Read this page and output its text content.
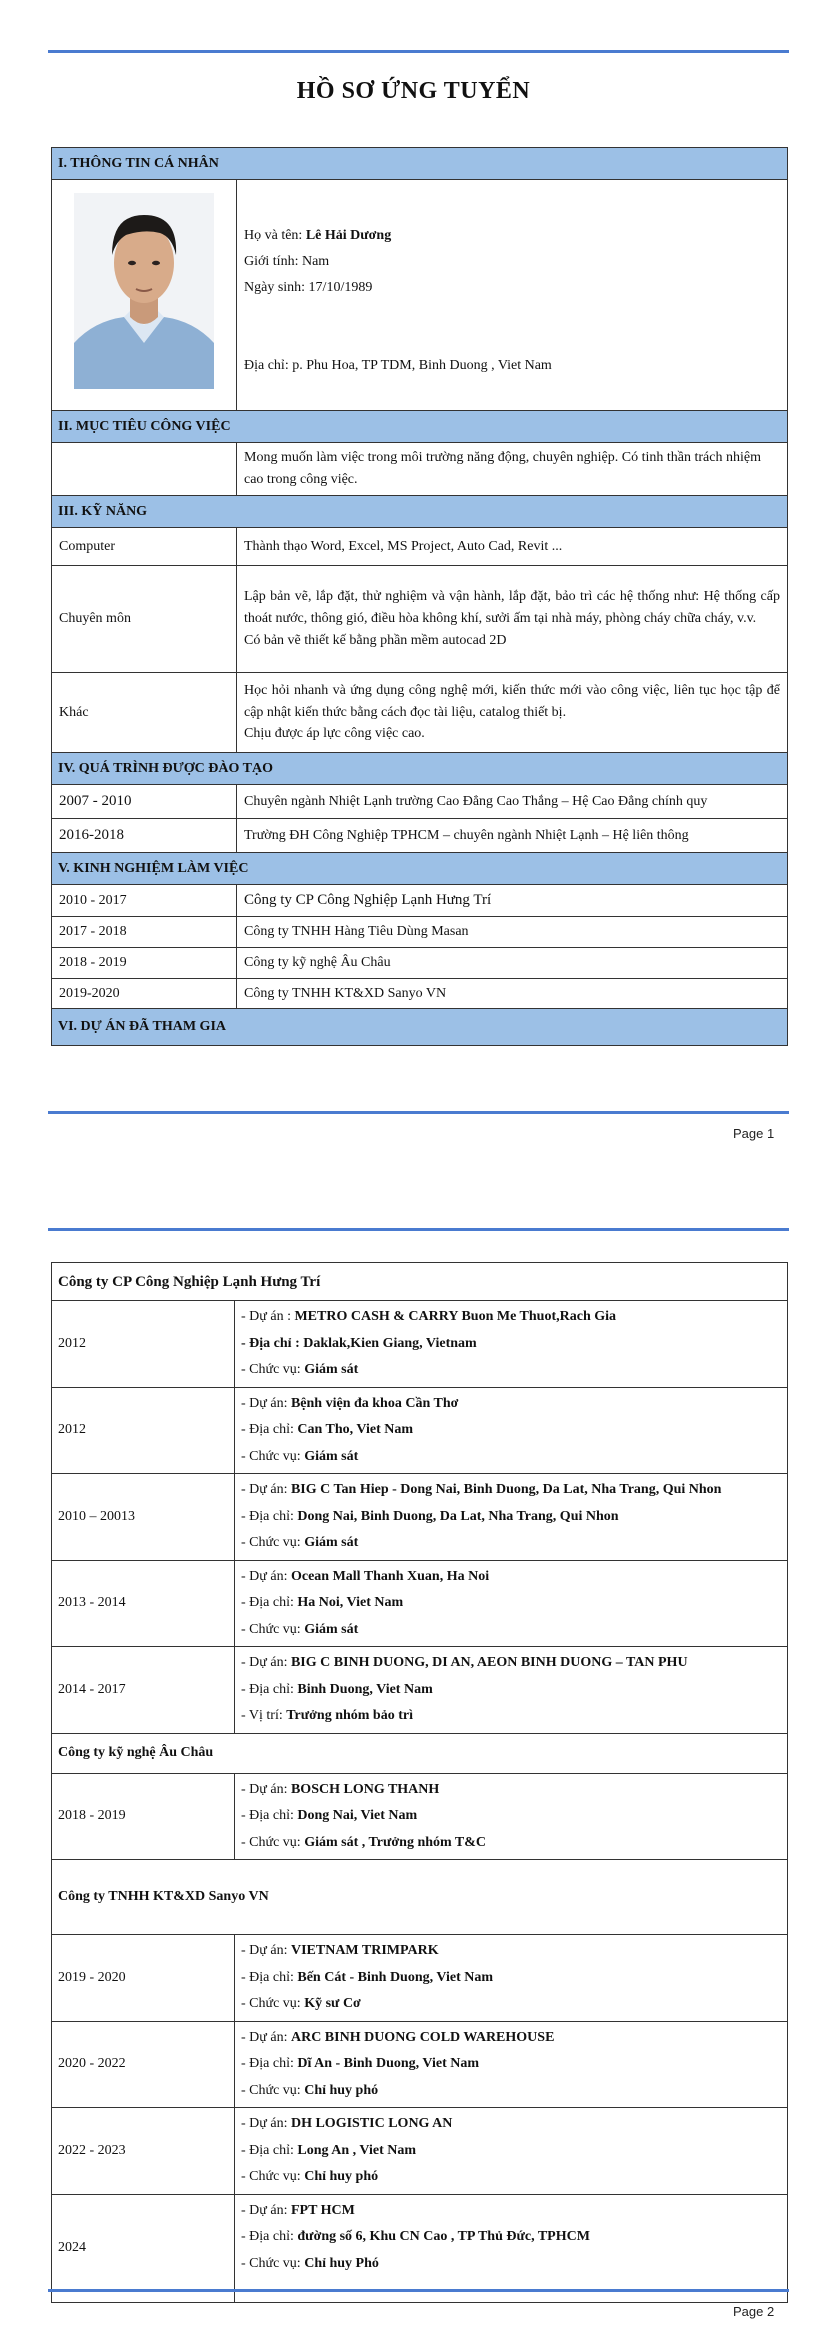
HỒ SƠ ỨNG TUYỂN
I. THÔNG TIN CÁ NHÂN	

Họ và tên: Lê Hải Dương

Giới tính: Nam

Ngày sinh: 17/10/1989

Địa chỉ: p. Phu Hoa, TP TDM, Binh Duong , Viet Nam

II. MỤC TIÊU CÔNG VIỆC	
	Mong muốn làm việc trong môi trường năng động, chuyên nghiệp. Có tinh thần trách nhiệm cao trong công việc.
III. KỸ NĂNG	
Computer	Thành thạo Word, Excel, MS Project, Auto Cad, Revit ...
Chuyên môn	Lập bản vẽ, lắp đặt, thử nghiệm và vận hành, lắp đặt, bảo trì các hệ thống như: Hệ thống cấp thoát nước, thông gió, điều hòa không khí, sưởi ấm tại nhà máy, phòng cháy chữa cháy, v.v.
Có bản vẽ thiết kế bằng phần mềm autocad 2D

Khác	Học hỏi nhanh và ứng dụng công nghệ mới, kiến thức mới vào công việc, liên tục học tập để cập nhật kiến thức bằng cách đọc tài liệu, catalog thiết bị.
Chịu được áp lực công việc cao.

IV. QUÁ TRÌNH ĐƯỢC ĐÀO TẠO	
2007 - 2010	Chuyên ngành Nhiệt Lạnh trường Cao Đẳng Cao Thắng – Hệ Cao Đẳng chính quy
2016-2018	Trường ĐH Công Nghiệp TPHCM – chuyên ngành Nhiệt Lạnh – Hệ liên thông
V. KINH NGHIỆM LÀM VIỆC	
2010 - 2017	Công ty CP Công Nghiệp Lạnh Hưng Trí
2017 - 2018	Công ty TNHH Hàng Tiêu Dùng Masan
2018 - 2019	Công ty kỹ nghệ Âu Châu
2019-2020	Công ty TNHH KT&XD Sanyo VN
VI. DỰ ÁN ĐÃ THAM GIA	
Page 1
Công ty CP Công Nghiệp Lạnh Hưng Trí	
2012	- Dự án : METRO CASH & CARRY Buon Me Thuot,Rach Gia

- Địa chỉ : Daklak,Kien Giang, Vietnam

- Chức vụ: Giám sát

2012	- Dự án: Bệnh viện đa khoa Cần Thơ

- Địa chỉ: Can Tho, Viet Nam

- Chức vụ: Giám sát

2010 – 20013	- Dự án: BIG C Tan Hiep - Dong Nai, Binh Duong, Da Lat, Nha Trang, Qui Nhon

- Địa chỉ: Dong Nai, Binh Duong, Da Lat, Nha Trang, Qui Nhon

- Chức vụ: Giám sát

2013 - 2014	- Dự án: Ocean Mall Thanh Xuan, Ha Noi

- Địa chỉ: Ha Noi, Viet Nam

- Chức vụ: Giám sát

2014 - 2017	- Dự án: BIG C BINH DUONG, DI AN, AEON BINH DUONG – TAN PHU

- Địa chỉ: Binh Duong, Viet Nam

- Vị trí: Trưởng nhóm bảo trì

Công ty kỹ nghệ Âu Châu	
2018 - 2019	- Dự án: BOSCH LONG THANH

- Địa chỉ: Dong Nai, Viet Nam

- Chức vụ: Giám sát , Trưởng nhóm T&C

Công ty TNHH KT&XD Sanyo VN	
2019 - 2020	- Dự án: VIETNAM TRIMPARK

- Địa chỉ: Bến Cát - Binh Duong, Viet Nam

- Chức vụ: Kỹ sư Cơ

2020 - 2022	- Dự án: ARC BINH DUONG COLD WAREHOUSE

- Địa chỉ: Dĩ An - Binh Duong, Viet Nam

- Chức vụ: Chỉ huy phó

2022 - 2023	- Dự án: DH LOGISTIC LONG AN

- Địa chỉ: Long An , Viet Nam

- Chức vụ: Chỉ huy phó

2024	- Dự án: FPT HCM

- Địa chỉ: đường số 6, Khu CN Cao , TP Thủ Đức, TPHCM

- Chức vụ: Chỉ huy Phó

Page 2
